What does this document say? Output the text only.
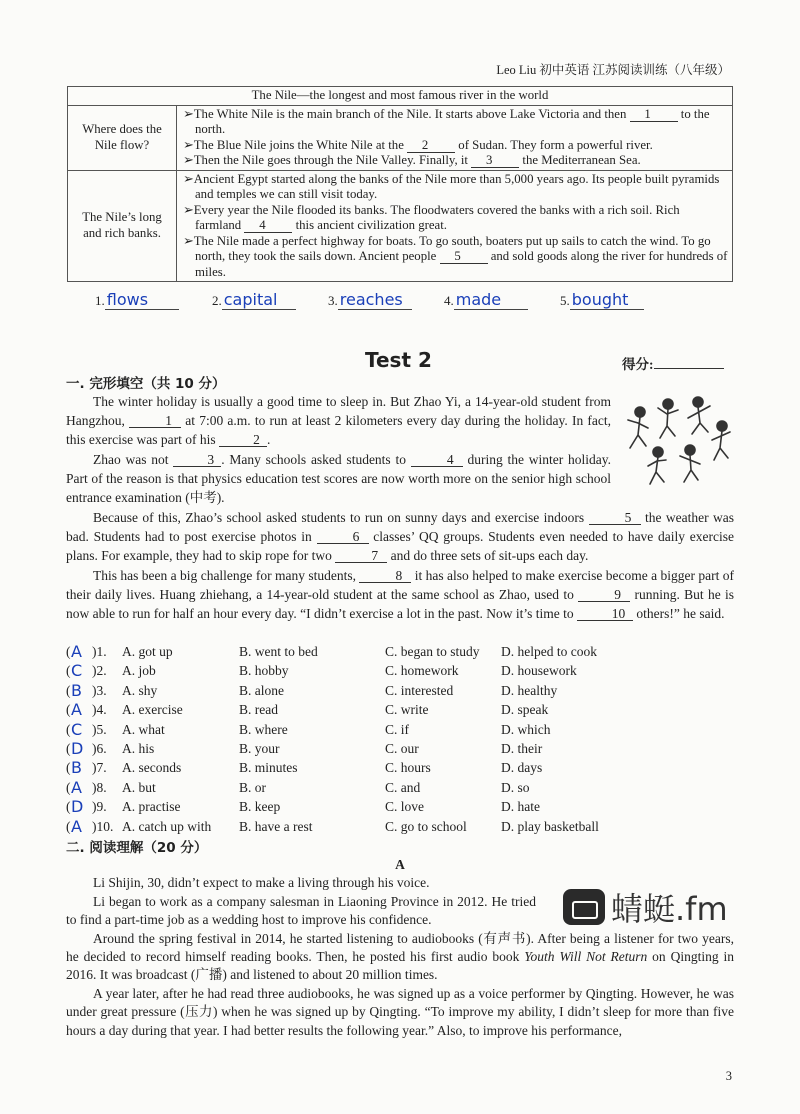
Leo Liu 初中英语 江苏阅读训练（八年级）
The Nile—the longest and most famous river in the world	
Where does the Nile flow?	➢The White Nile is the main branch of the Nile. It starts above Lake Victoria and then 1 to the north.
➢The Blue Nile joins the White Nile at the 2 of Sudan. They form a powerful river.
➢Then the Nile goes through the Nile Valley. Finally, it 3 the Mediterranean Sea.

The Nile’s long and rich banks.	➢Ancient Egypt started along the banks of the Nile more than 5,000 years ago. Its people built pyramids and temples we can still visit today.
➢Every year the Nile flooded its banks. The floodwaters covered the banks with a rich soil. Rich farmland 4 this ancient civilization great.
➢The Nile made a perfect highway for boats. To go south, boaters put up sails to catch the wind. To go north, they took the sails down. Ancient people 5 and sold goods along the river for hundreds of miles.
1. flows	2. capital	3. reaches	4. made	5. bought
Test 2	得分:
一. 完形填空（共 10 分）

The winter holiday is usually a good time to sleep in. But Zhao Yi, a 14-year-old student from Hangzhou,	1 at 7:00 a.m. to run at least 2 kilometers every day during the holiday. In fact, this exercise was part of his	2 .

Zhao was not	3 . Many schools asked students to	4 during the winter holiday. Part of the reason is that physics education test scores are now worth more on the senior high school entrance examination (中考).

Because of this, Zhao’s school asked students to run on sunny days and exercise indoors	5 the weather was bad. Students had to post exercise photos in	6 classes’ QQ groups. Students even needed to have daily exercise plans. For example, they had to skip rope for two	7 and do three sets of sit-ups each day.

This has been a big challenge for many students,	8 it has also helped to make exercise become a bigger part of their daily lives. Huang zhiehang, a 14-year-old student at the same school as Zhao, used to	9 running. But he is now able to run for half an hour every day. “I didn’t exercise a lot in the past. Now it’s time to	10 others!” he said.

( A )1. A. got up	B. went to bed	C. began to study D. helped to cook
( C )2. A. job	B. hobby	C. homework	D. housework
( B )3. A. shy	B. alone	C. interested	D. healthy
( A )4. A. exercise	B. read	C. write	D. speak
( C )5. A. what	B. where	C. if	D. which
( D )6. A. his	B. your	C. our	D. their
( B )7. A. seconds	B. minutes	C. hours	D. days
( A )8. A. but	B. or	C. and	D. so
( D )9. A. practise	B. keep	C. love	D. hate
( A )10. A. catch up with B. have a rest	C. go to school	D. play basketball
二. 阅读理解（20 分）

A

Li Shijin, 30, didn’t expect to make a living through his voice.

Li began to work as a company salesman in Liaoning Province in 2012. He tried to find a part-time job as a wedding host to improve his confidence.

Around the spring festival in 2014, he started listening to audiobooks (有声书). After being a listener for two years, he decided to record himself reading books. Then, he posted his first audio book Youth Will Not Return on Qingting in 2016. It was broadcast (广播) and listened to about 20 million times.

A year later, after he had read three audiobooks, he was signed up as a voice performer by Qingting. However, he was under great pressure (压力) when he was signed up by Qingting. “To improve my ability, I didn’t sleep for more than five hours a day during that year. I had better results the following year.” Also, to improve his performance,

蜻蜓.fm
3
